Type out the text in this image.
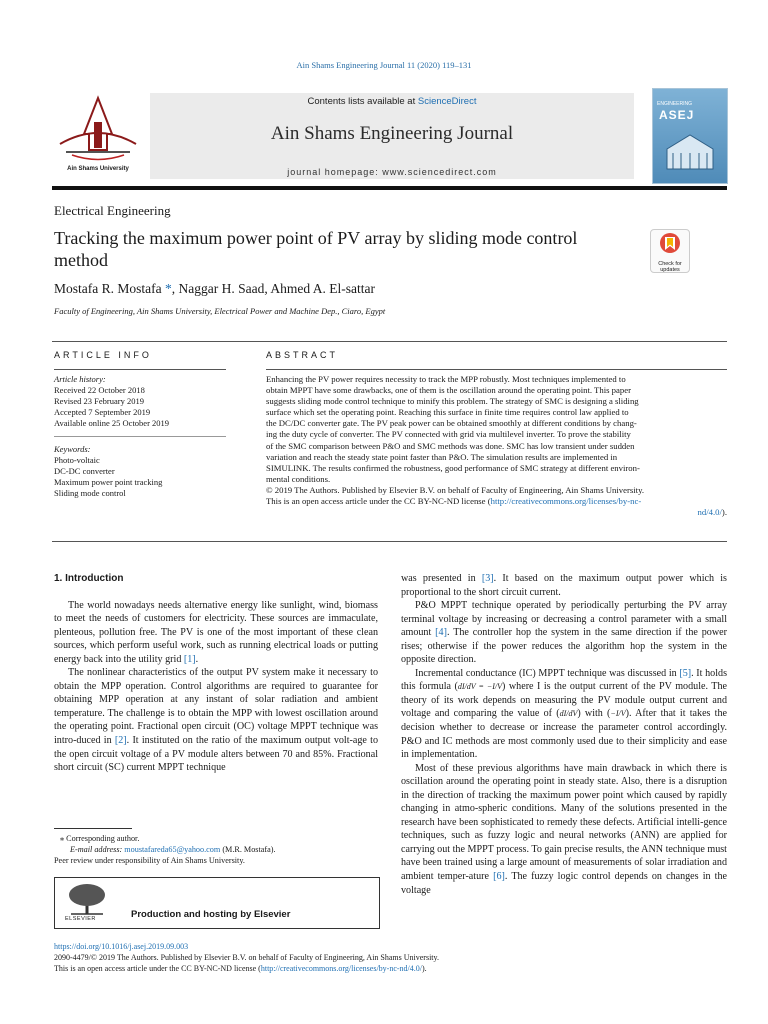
Ain Shams Engineering Journal 11 (2020) 119–131
Ain Shams University
Contents lists available at ScienceDirect
Ain Shams Engineering Journal
journal homepage: www.sciencedirect.com
ENGINEERING
ASEJ
Check for updates
Electrical Engineering
Tracking the maximum power point of PV array by sliding mode control
method
Mostafa R. Mostafa *, Naggar H. Saad, Ahmed A. El-sattar
Faculty of Engineering, Ain Shams University, Electrical Power and Machine Dep., Ciaro, Egypt
ARTICLE INFO	ABSTRACT
Article history:
Received 22 October 2018
Revised 23 February 2019
Accepted 7 September 2019
Available online 25 October 2019
Keywords:
Photo-voltaic
DC-DC converter
Maximum power point tracking
Sliding mode control
Enhancing the PV power requires necessity to track the MPP robustly. Most techniques implemented to
obtain MPPT have some drawbacks, one of them is the oscillation around the operating point. This paper
suggests sliding mode control technique to minify this problem. The strategy of SMC is designing a sliding
surface which set the operating point. Reaching this surface in finite time requires control law applied to
the DC/DC converter gate. The PV peak power can be obtained smoothly at different conditions by chang-
ing the duty cycle of converter. The PV connected with grid via multilevel inverter. To prove the stability
of the SMC comparison between P&O and SMC methods was done. SMC has low transient under sudden
variation and reach the steady state point faster than P&O. The simulation results are implemented in
SIMULINK. The results confirmed the robustness, good performance of SMC strategy at different environ-
mental conditions.
© 2019 The Authors. Published by Elsevier B.V. on behalf of Faculty of Engineering, Ain Shams University.
This is an open access article under the CC BY-NC-ND license (http://creativecommons.org/licenses/by-nc-
nd/4.0/).

1. Introduction

The world nowadays needs alternative energy like sunlight, wind, biomass to meet the needs of customers for electricity. These sources are immaculate, plenteous, pollution free. The PV is one of the most important of these clean sources, which perform useful work, such as running electrical loads or putting energy back into the utility grid [1].

The nonlinear characteristics of the output PV system make it necessary to obtain the MPP operation. Control algorithms are required to guarantee for obtaining MPP operation at any instant of solar radiation and ambient temperature. The challenge is to obtain the MPP with lowest oscillation around the operating point. Fractional open circuit (OC) voltage MPPT technique was intro-duced in [2]. It instituted on the ratio of the maximum output volt-age to the open circuit voltage of a PV module alters between 70 and 85%. Fractional short circuit (SC) current MPPT technique

⁎ Corresponding author.
E-mail address: moustafareda65@yahoo.com (M.R. Mostafa).
Peer review under responsibility of Ain Shams University.
ELSEVIER	Production and hosting by Elsevier

was presented in [3]. It based on the maximum output power which is proportional to the short circuit current.

P&O MPPT technique operated by periodically perturbing the PV array terminal voltage by increasing or decreasing a control parameter with a small amount [4]. The controller hop the system in the same direction if the power rises; otherwise if the power reduces the algorithm hop the system in the opposite direction.

Incremental conductance (IC) MPPT technique was discussed in [5]. It holds this formula (dI/dV = −I/V) where I is the output current of the PV module. The theory of its work depends on measuring the PV module output current and voltage and comparing the value of (dI/dV) with (−I/V). After that it takes the decision whether to decrease or increase the parameter control accordingly. P&O and IC methods are most commonly used due to their simplicity and ease in implementation.

Most of these previous algorithms have main drawback in which there is oscillation around the operating point in steady state. Also, there is a disruption in the direction of tracking the maximum power point which caused by rapidly changing in atmo-spheric conditions. Many of the solutions presented in the research have been sophisticated to remedy these defects. Artificial intelli-gence techniques, such as fuzzy logic and neural networks (ANN) are applied for carrying out the MPPT process. To gain precise results, the ANN technique must have been trained using a large amount of measurements of solar irradiation and ambient temper-ature [6]. The fuzzy logic control depends on changes in the voltage

https://doi.org/10.1016/j.asej.2019.09.003
2090-4479/© 2019 The Authors. Published by Elsevier B.V. on behalf of Faculty of Engineering, Ain Shams University.
This is an open access article under the CC BY-NC-ND license (http://creativecommons.org/licenses/by-nc-nd/4.0/).
